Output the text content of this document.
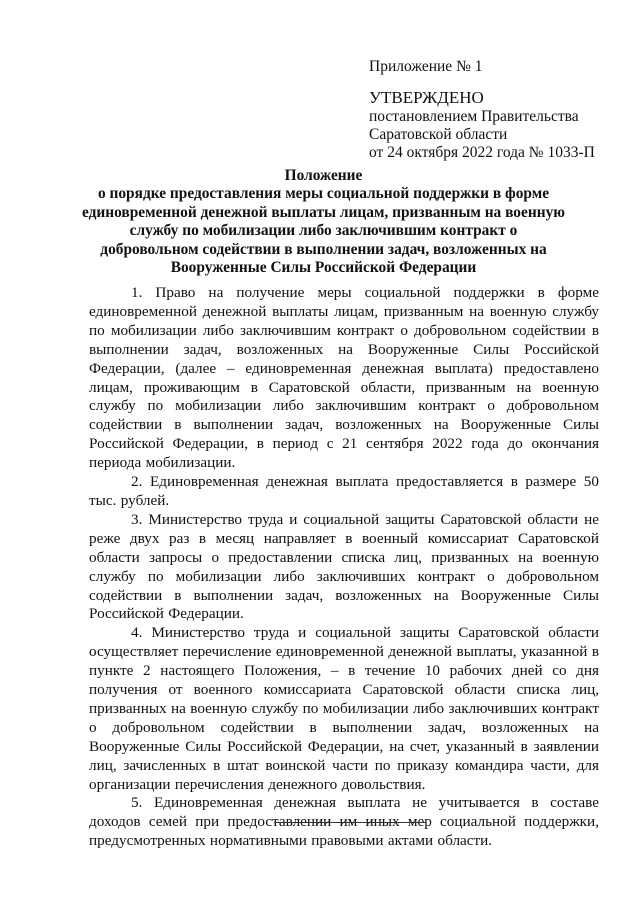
Приложение № 1
УТВЕРЖДЕНО
постановлением Правительства
Саратовской области
от 24 октября 2022 года № 1033-П
Положение
о порядке предоставления меры социальной поддержки в форме единовременной денежной выплаты лицам, призванным на военную службу по мобилизации либо заключившим контракт о добровольном содействии в выполнении задач, возложенных на Вооруженные Силы Российской Федерации

1. Право на получение меры социальной поддержки в форме единовременной денежной выплаты лицам, призванным на военную службу по мобилизации либо заключившим контракт о добровольном содействии в выполнении задач, возложенных на Вооруженные Силы Российской Федерации, (далее – единовременная денежная выплата) предоставлено лицам, проживающим в Саратовской области, призванным на военную службу по мобилизации либо заключившим контракт о добровольном содействии в выполнении задач, возложенных на Вооруженные Силы Российской Федерации, в период с 21 сентября 2022 года до окончания периода мобилизации.

2. Единовременная денежная выплата предоставляется в размере 50 тыс. рублей.

3. Министерство труда и социальной защиты Саратовской области не реже двух раз в месяц направляет в военный комиссариат Саратовской области запросы о предоставлении списка лиц, призванных на военную службу по мобилизации либо заключивших контракт о добровольном содействии в выполнении задач, возложенных на Вооруженные Силы Российской Федерации.

4. Министерство труда и социальной защиты Саратовской области осуществляет перечисление единовременной денежной выплаты, указанной в пункте 2 настоящего Положения, – в течение 10 рабочих дней со дня получения от военного комиссариата Саратовской области списка лиц, призванных на военную службу по мобилизации либо заключивших контракт о добровольном содействии в выполнении задач, возложенных на Вооруженные Силы Российской Федерации, на счет, указанный в заявлении лиц, зачисленных в штат воинской части по приказу командира части, для организации перечисления денежного довольствия.

5. Единовременная денежная выплата не учитывается в составе доходов семей при предоставлении им иных мер социальной поддержки, предусмотренных нормативными правовыми актами области.
